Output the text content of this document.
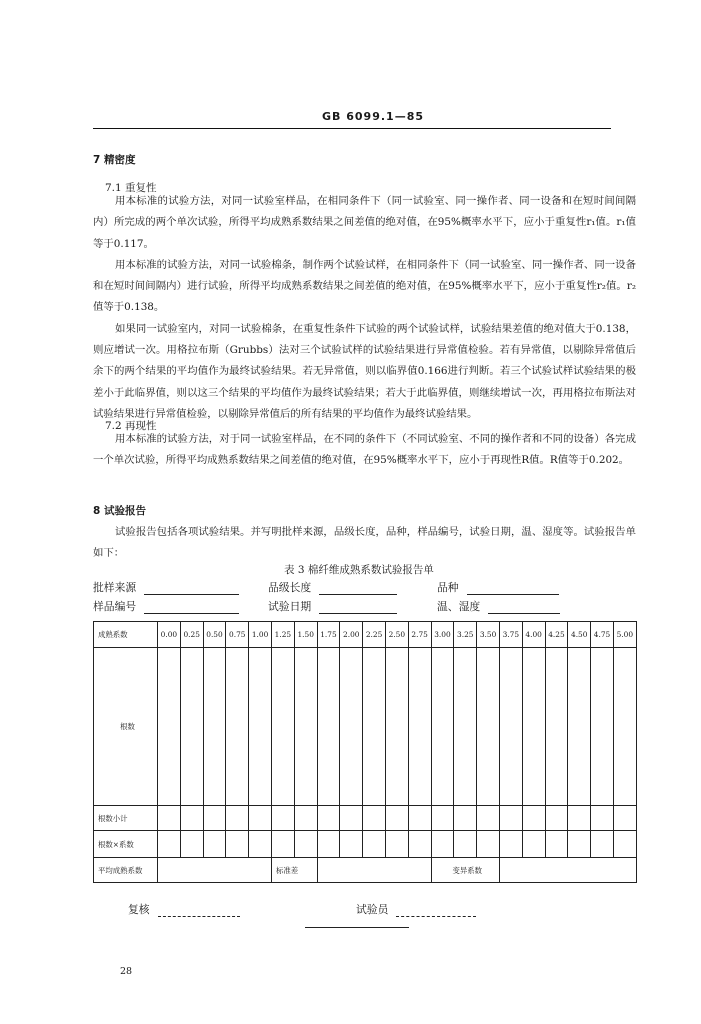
GB 6099.1—85
7 精密度
7.1 重复性

用本标准的试验方法，对同一试验室样品，在相同条件下（同一试验室、同一操作者、同一设备和在短时间间隔内）所完成的两个单次试验，所得平均成熟系数结果之间差值的绝对值，在95%概率水平下，应小于重复性r₁值。r₁值等于0.117。

用本标准的试验方法，对同一试验棉条，制作两个试验试样，在相同条件下（同一试验室、同一操作者、同一设备和在短时间间隔内）进行试验，所得平均成熟系数结果之间差值的绝对值，在95%概率水平下，应小于重复性r₂值。r₂值等于0.138。

如果同一试验室内，对同一试验棉条，在重复性条件下试验的两个试验试样，试验结果差值的绝对值大于0.138，则应增试一次。用格拉布斯（Grubbs）法对三个试验试样的试验结果进行异常值检验。若有异常值，以剔除异常值后余下的两个结果的平均值作为最终试验结果。若无异常值，则以临界值0.166进行判断。若三个试验试样试验结果的极差小于此临界值，则以这三个结果的平均值作为最终试验结果；若大于此临界值，则继续增试一次，再用格拉布斯法对试验结果进行异常值检验，以剔除异常值后的所有结果的平均值作为最终试验结果。

7.2 再现性

用本标准的试验方法，对于同一试验室样品，在不同的条件下（不同试验室、不同的操作者和不同的设备）各完成一个单次试验，所得平均成熟系数结果之间差值的绝对值，在95%概率水平下，应小于再现性R值。R值等于0.202。

8 试验报告

试验报告包括各项试验结果。并写明批样来源，品级长度，品种，样品编号，试验日期，温、湿度等。试验报告单如下：

表 3 棉纤维成熟系数试验报告单
批样来源	品级长度	品种
样品编号	试验日期	温、湿度
成熟系数	0.00	0.25	0.50	0.75	1.00	1.25	1.50	1.75	2.00	2.25	2.50	2.75	3.00	3.25	3.50	3.75	4.00	4.25	4.50	4.75	5.00
根数																					
根数小计																					
根数×系数																					
平均成熟系数						标准差							变异系数								
复核	试验员
28
